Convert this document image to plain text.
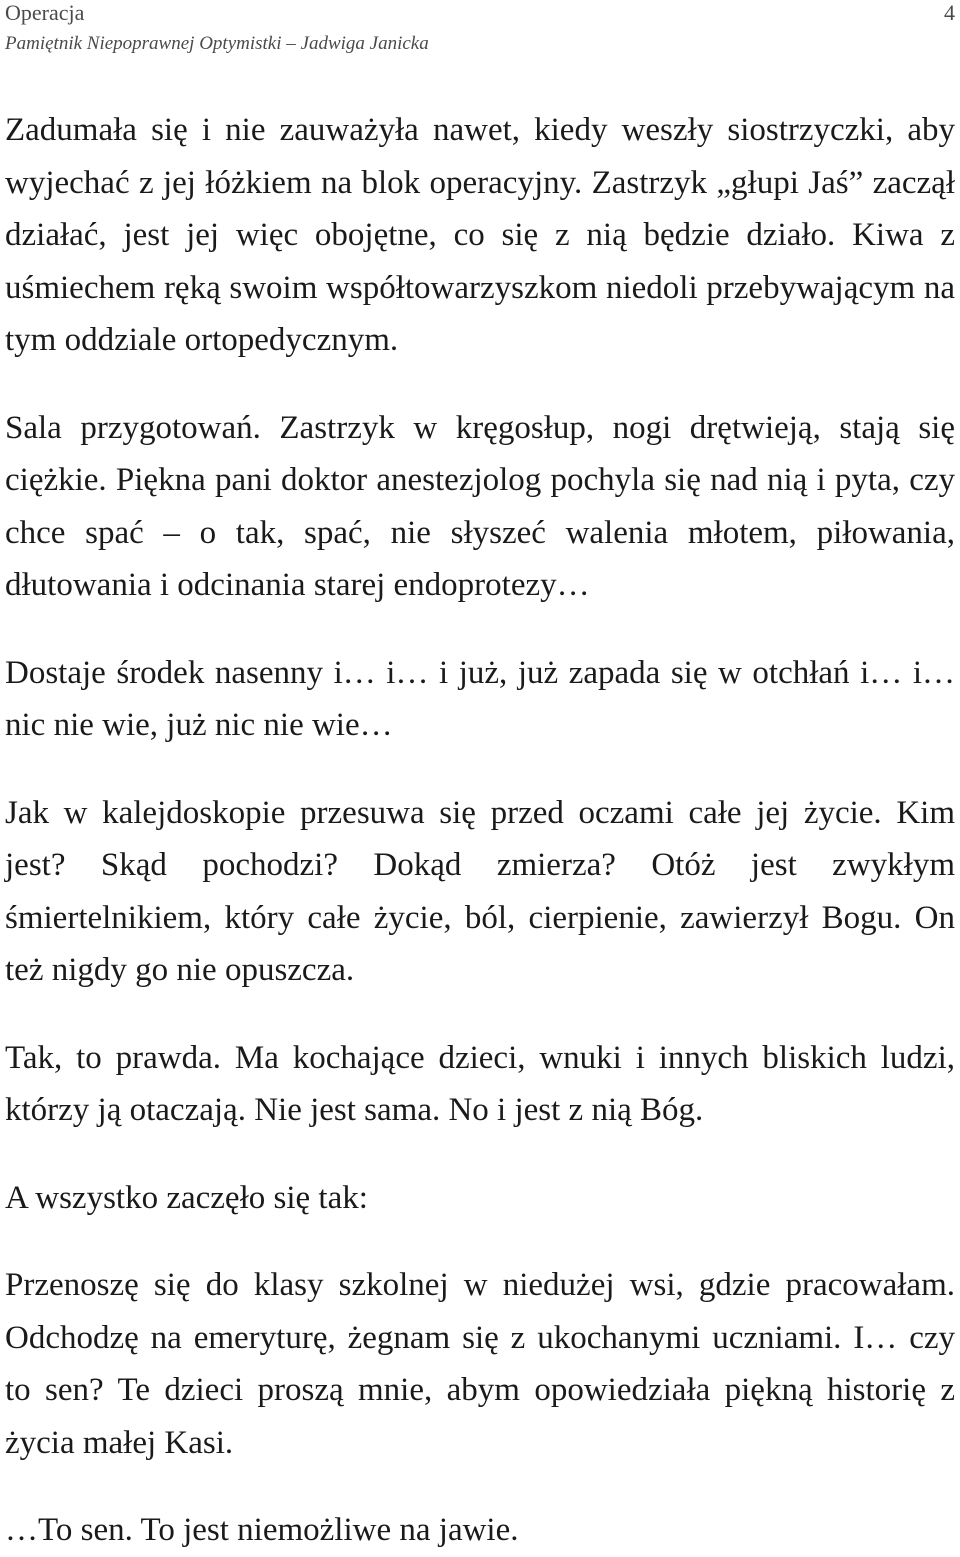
Operacja
Pamiętnik Niepoprawnej Optymistki – Jadwiga Janicka
4

Zadumała się i nie zauważyła nawet, kiedy weszły siostrzyczki, aby wyjechać z jej łóżkiem na blok operacyjny. Zastrzyk „głupi Jaś” zaczął działać, jest jej więc obojętne, co się z nią będzie działo. Kiwa z uśmiechem ręką swoim współtowarzyszkom niedoli przebywającym na tym oddziale ortopedycznym.

Sala przygotowań. Zastrzyk w kręgosłup, nogi drętwieją, stają się ciężkie. Piękna pani doktor anestezjolog pochyla się nad nią i pyta, czy chce spać – o tak, spać, nie słyszeć walenia młotem, piłowania, dłutowania i odcinania starej endoprotezy…

Dostaje środek nasenny i… i… i już, już zapada się w otchłań i… i… nic nie wie, już nic nie wie…

Jak w kalejdoskopie przesuwa się przed oczami całe jej życie. Kim jest? Skąd pochodzi? Dokąd zmierza? Otóż jest zwykłym śmiertelnikiem, który całe życie, ból, cierpienie, zawierzył Bogu. On też nigdy go nie opuszcza.

Tak, to prawda. Ma kochające dzieci, wnuki i innych bliskich ludzi, którzy ją otaczają. Nie jest sama. No i jest z nią Bóg.

A wszystko zaczęło się tak:

Przenoszę się do klasy szkolnej w niedużej wsi, gdzie pracowałam. Odchodzę na emeryturę, żegnam się z ukochanymi uczniami. I… czy to sen? Te dzieci proszą mnie, abym opowiedziała piękną historię z życia małej Kasi.

…To sen. To jest niemożliwe na jawie.
